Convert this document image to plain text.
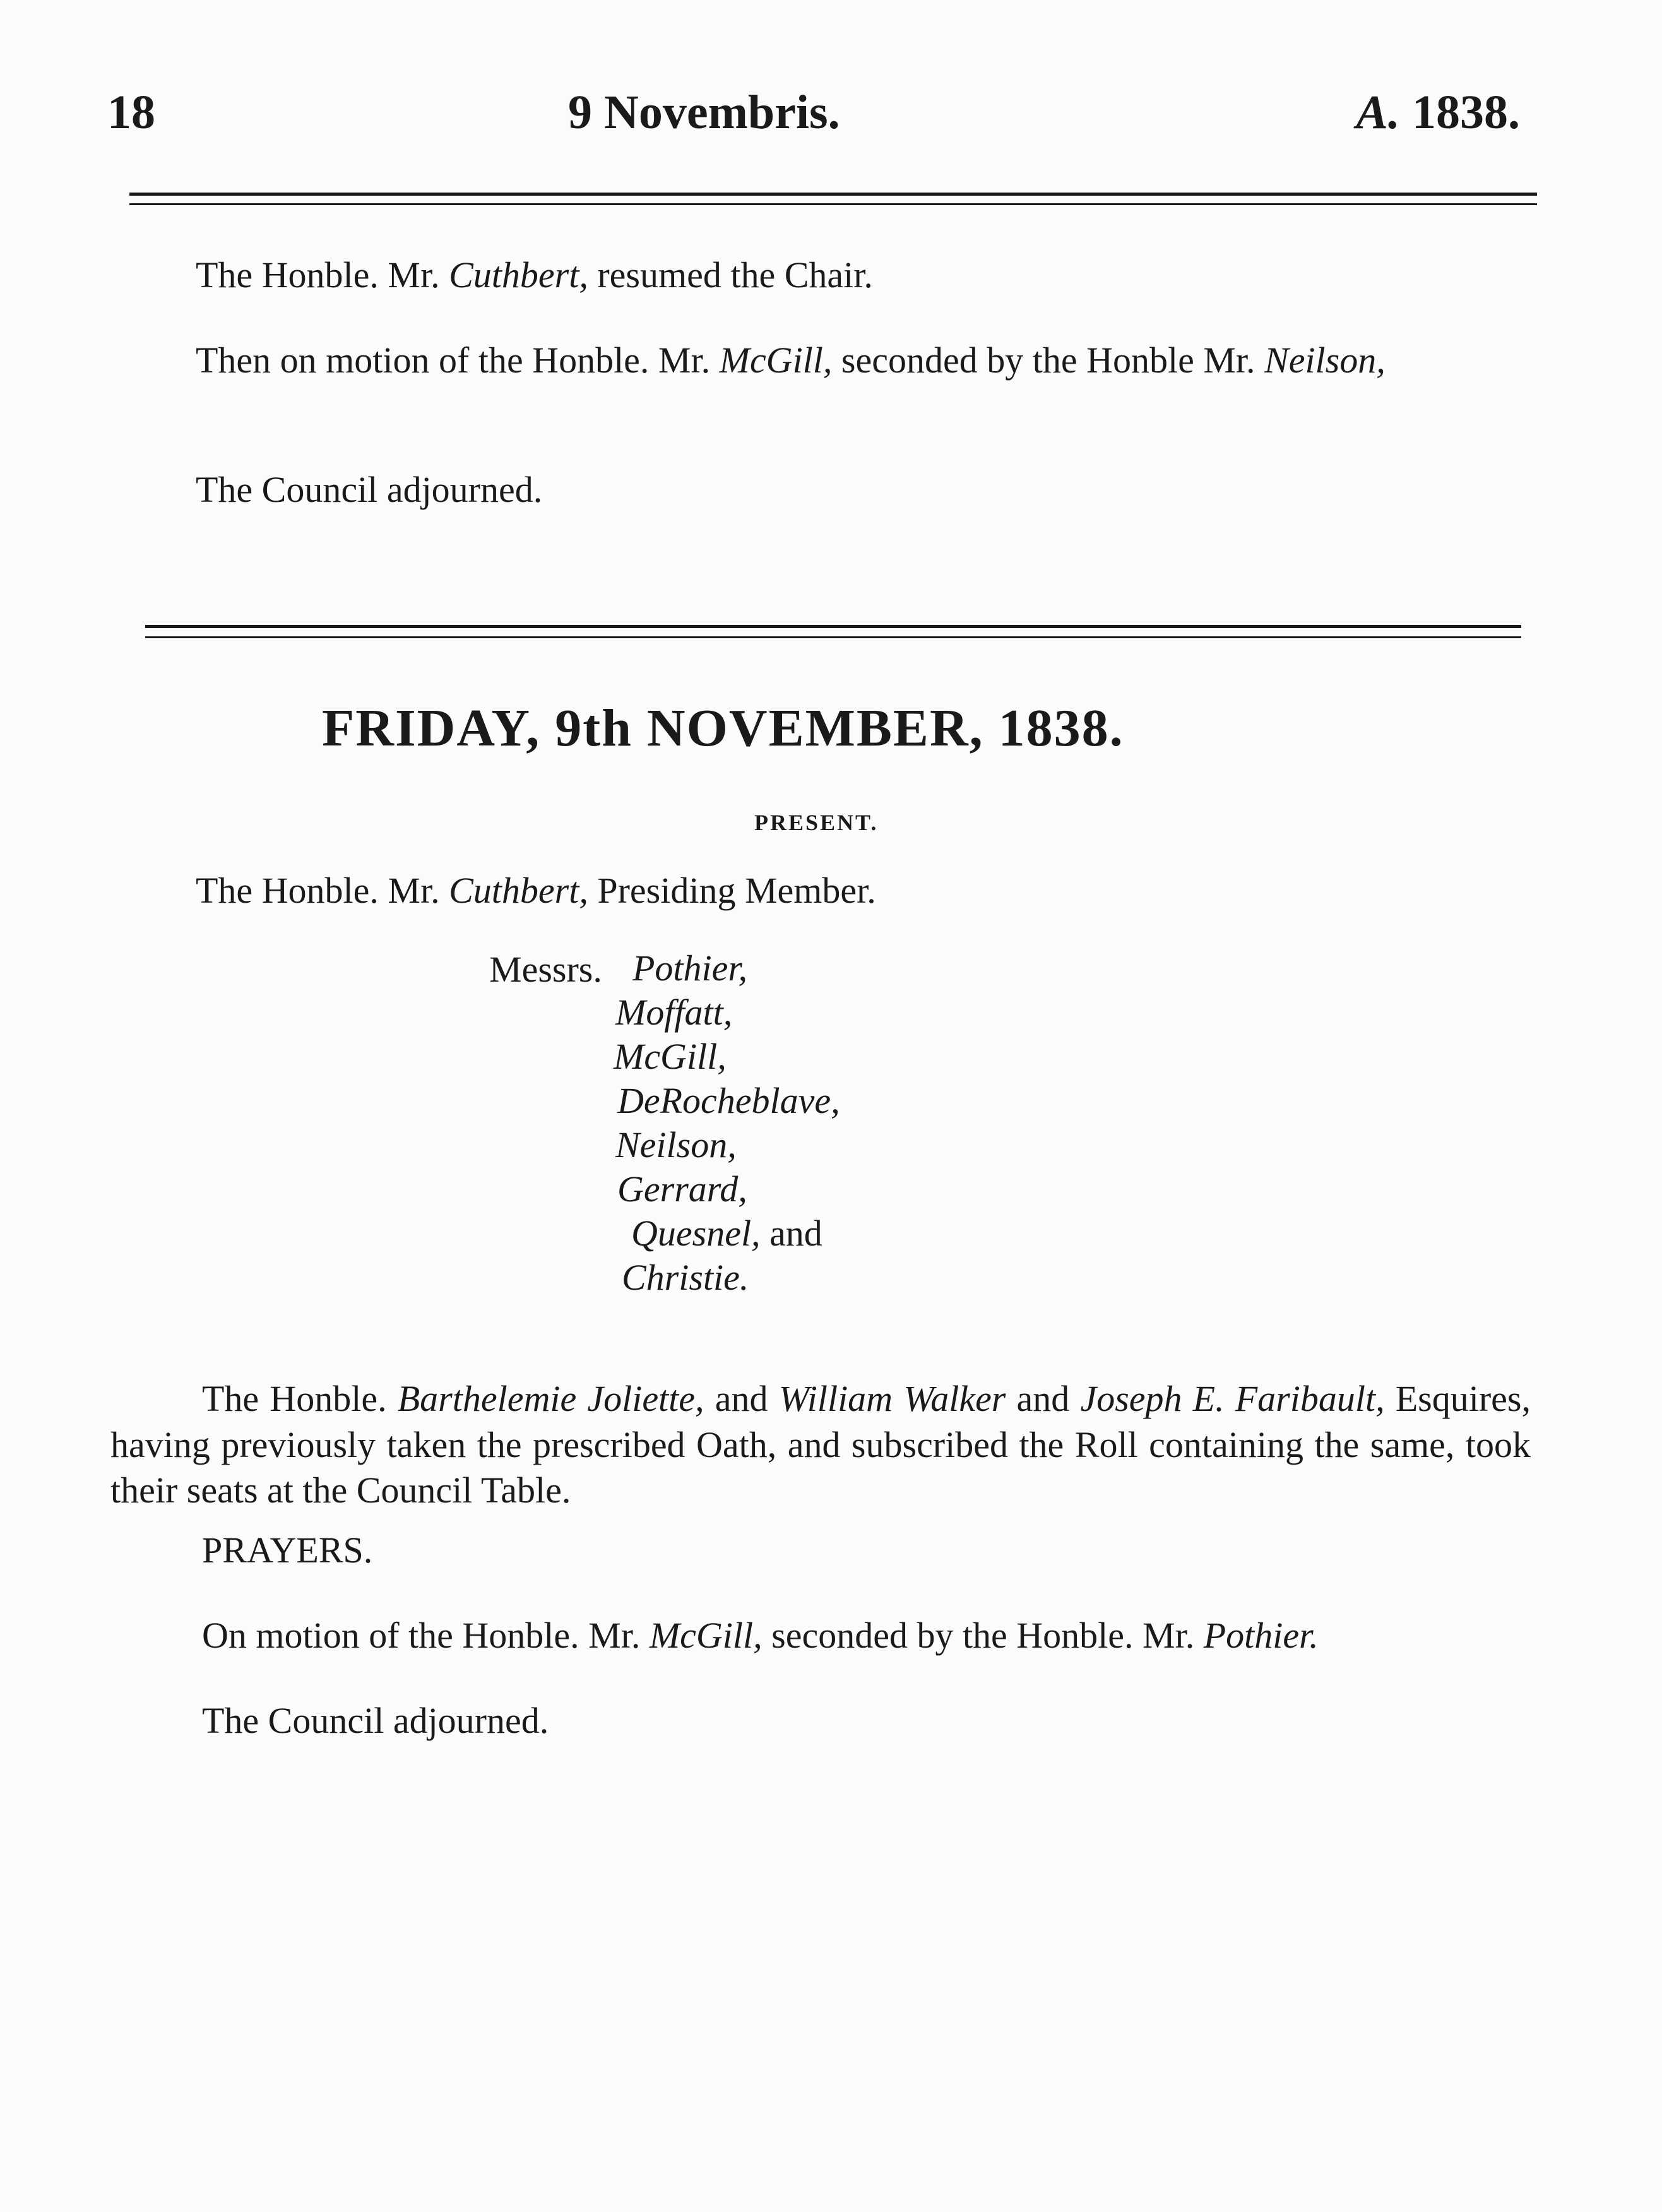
18	9 Novembris.	A. 1838.
The Honble. Mr. Cuthbert, resumed the Chair.
Then on motion of the Honble. Mr. McGill, seconded by the Honble Mr. Neilson,
The Council adjourned.
FRIDAY, 9th NOVEMBER, 1838.
PRESENT.
The Honble. Mr. Cuthbert, Presiding Member.
Messrs. Pothier,
Moffatt,
McGill,
DeRocheblave,
Neilson,
Gerrard,
Quesnel, and
Christie.
The Honble. Barthelemie Joliette, and William Walker and Joseph E. Faribault, Esquires, having previously taken the prescribed Oath, and subscribed the Roll containing the same, took their seats at the Council Table.
PRAYERS.
On motion of the Honble. Mr. McGill, seconded by the Honble. Mr. Pothier.
The Council adjourned.
